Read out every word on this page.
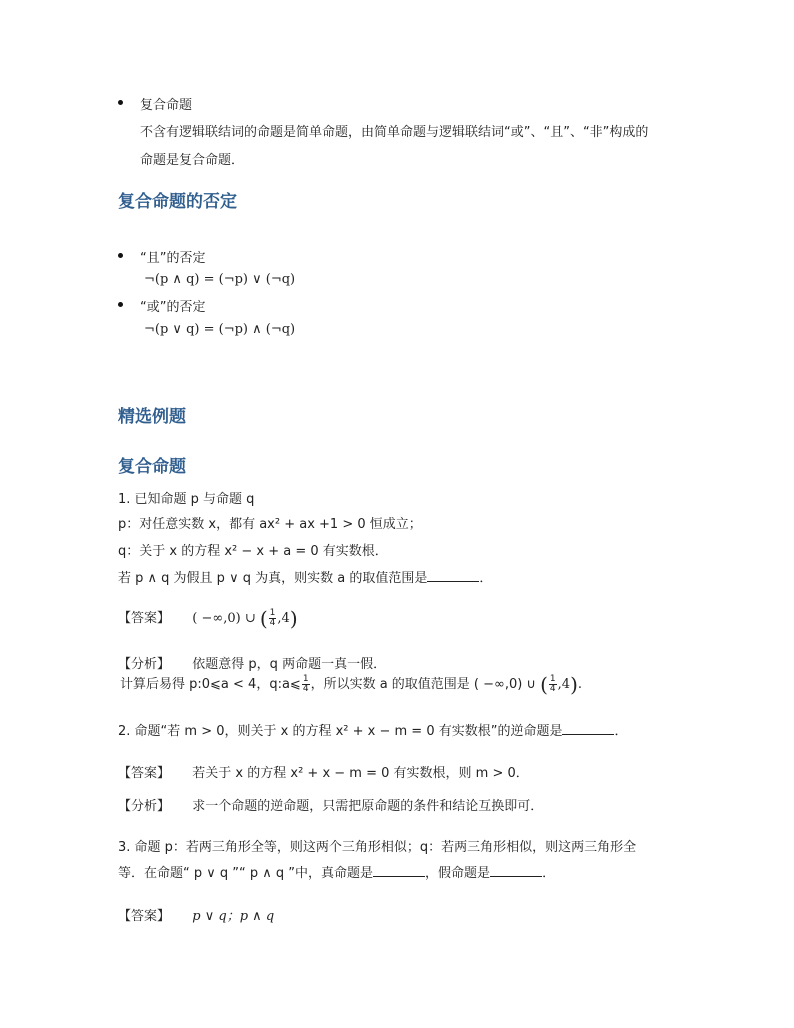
复合命题
不含有逻辑联结词的命题是简单命题，由简单命题与逻辑联结词“或”、“且”、“非”构成的
命题是复合命题．
复合命题的否定
“且”的否定
¬(p ∧ q) = (¬p) ∨ (¬q)
“或”的否定
¬(p ∨ q) = (¬p) ∧ (¬q)
精选例题
复合命题
1. 已知命题 p 与命题 q
p：对任意实数 x，都有 ax² + ax +1 > 0 恒成立；
q：关于 x 的方程 x² − x + a = 0 有实数根．
若 p ∧ q 为假且 p ∨ q 为真，则实数 a 的取值范围是	．
【答案】 ( −∞,0) ∪ ( $\frac{1}{4} ,4$)
【分析】 依题意得 p，q 两命题一真一假．
计算后易得 p:0⩽a < 4，q:a⩽ $\frac{1}{4}$ ，所以实数 a 的取值范围是 ( −∞,0) ∪ ( $\frac{1}{4} ,4$).
2. 命题“若 m > 0，则关于 x 的方程 x² + x − m = 0 有实数根”的逆命题是	．
【答案】 若关于 x 的方程 x² + x − m = 0 有实数根，则 m > 0．
【分析】 求一个命题的逆命题，只需把原命题的条件和结论互换即可．
3. 命题 p：若两三角形全等，则这两个三角形相似；q：若两三角形相似，则这两三角形全
等．在命题“ p ∨ q ”“ p ∧ q ”中，真命题是	，假命题是	．
【答案】 p ∨ q；p ∧ q
